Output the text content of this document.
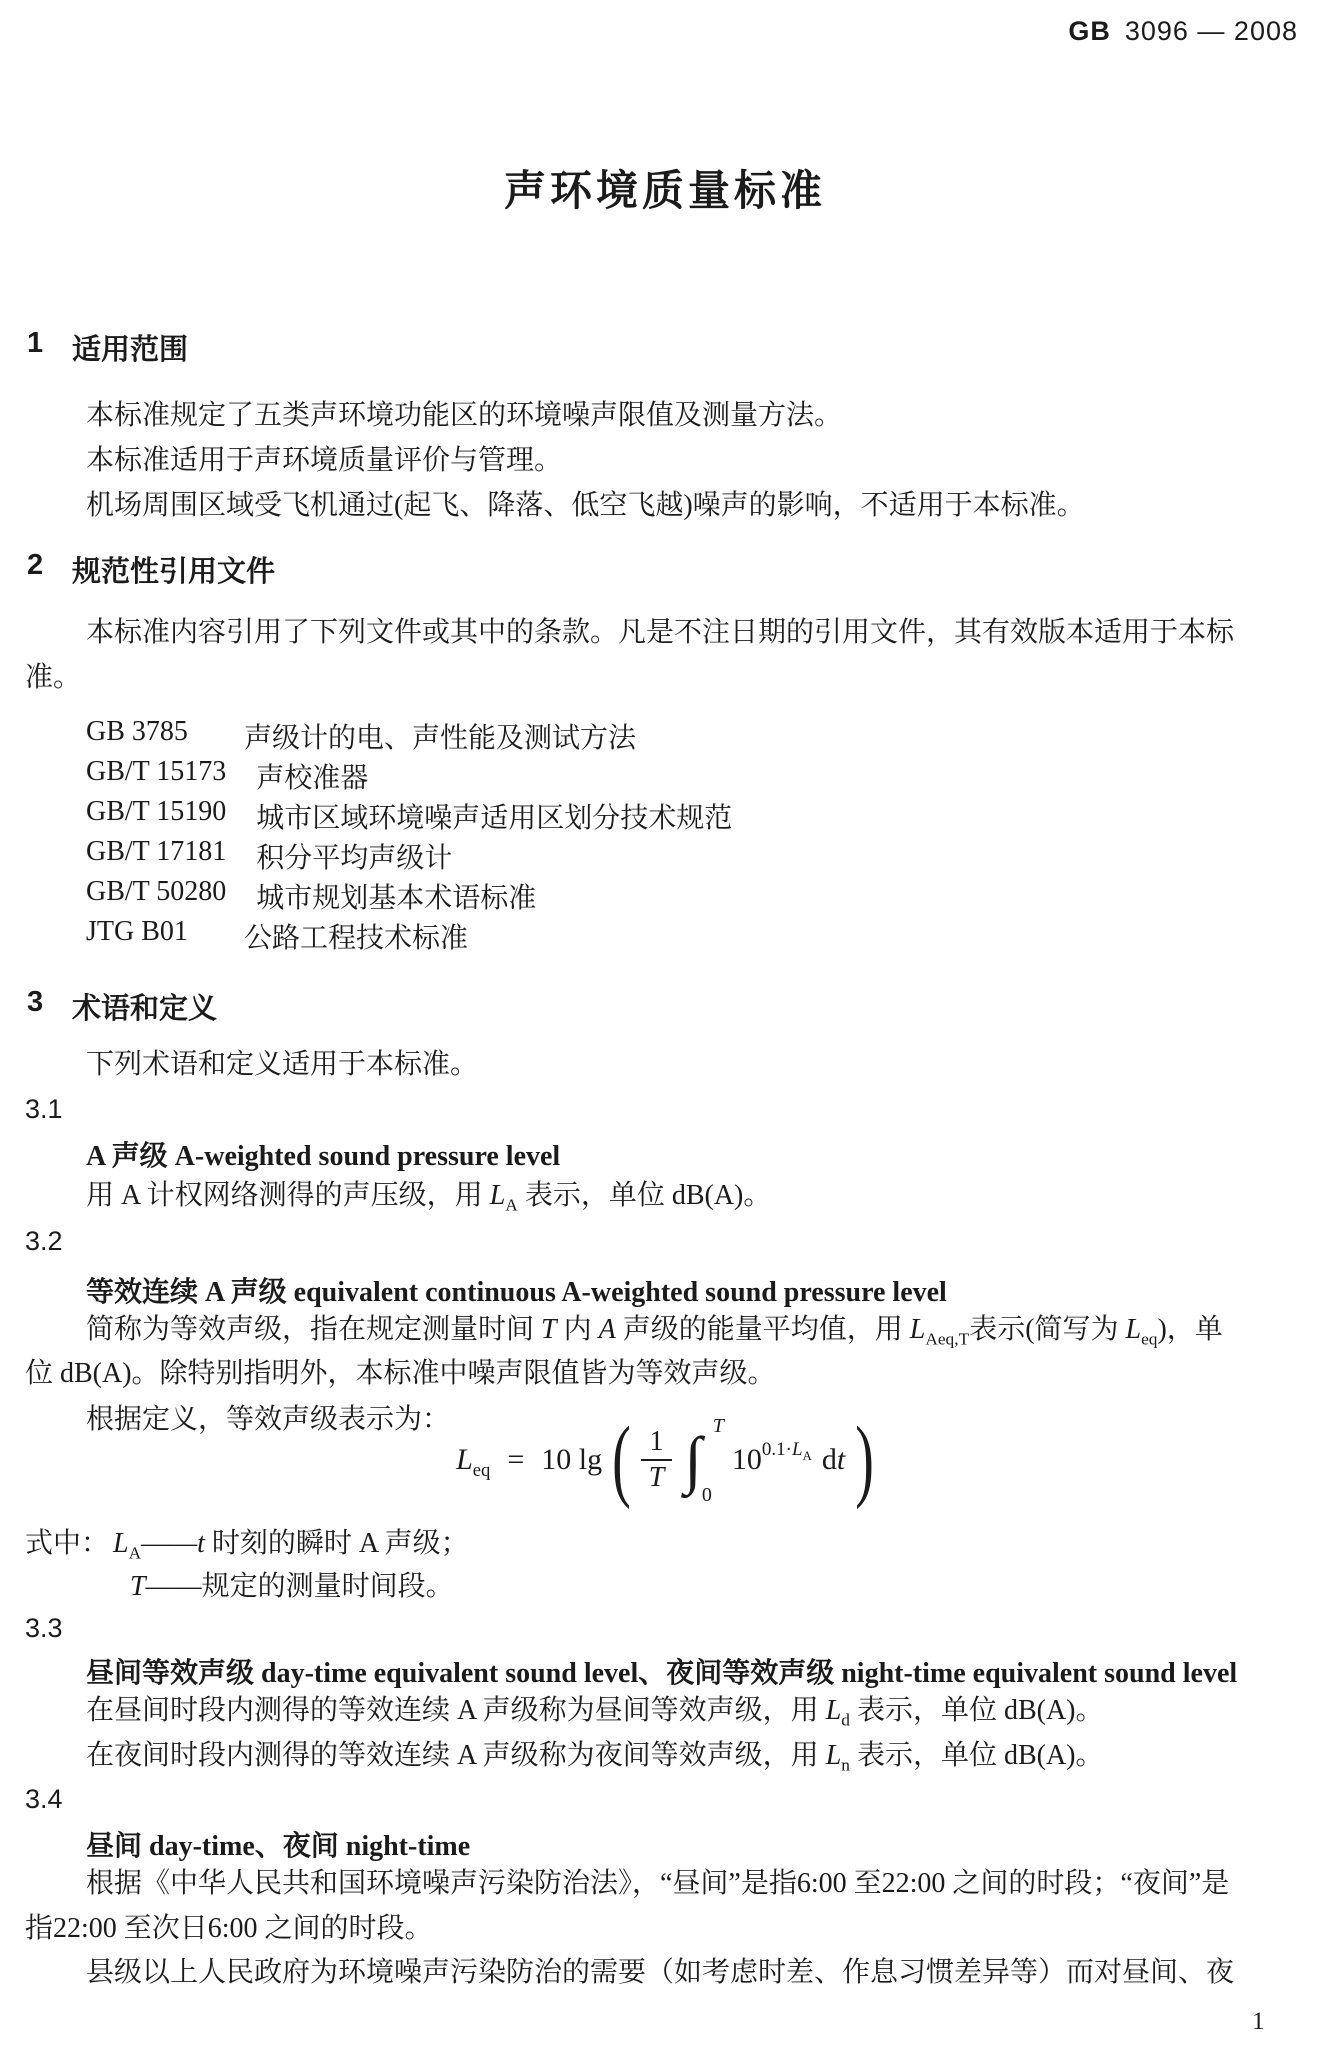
GB 3096 — 2008
声环境质量标准
1 适用范围
本标准规定了五类声环境功能区的环境噪声限值及测量方法。
本标准适用于声环境质量评价与管理。
机场周围区域受飞机通过(起飞、降落、低空飞越)噪声的影响，不适用于本标准。
2 规范性引用文件
本标准内容引用了下列文件或其中的条款。凡是不注日期的引用文件，其有效版本适用于本标
准。
GB 3785	声级计的电、声性能及测试方法
GB/T 15173 声校准器
GB/T 15190 城市区域环境噪声适用区划分技术规范
GB/T 17181 积分平均声级计
GB/T 50280 城市规划基本术语标准
JTG B01	公路工程技术标准
3 术语和定义
下列术语和定义适用于本标准。
3.1
A 声级 A-weighted sound pressure level
用 A 计权网络测得的声压级，用 $L_A$ 表示，单位 dB(A)。
3.2
等效连续 A 声级 equivalent continuous A-weighted sound pressure level
简称为等效声级，指在规定测量时间 T 内 A 声级的能量平均值，用 $L_{Aeq,T}$表示(简写为 $L_{eq}$)，单
位 dB(A)。除特别指明外，本标准中噪声限值皆为等效声级。
根据定义，等效声级表示为：
$L_{eq} = 10$ lg ( $\frac{1}{T}$ ∫ T
0
$10^{0.1\cdot L_A}$ dt )
式中： $L_A——t$ 时刻的瞬时 A 声级；
T——规定的测量时间段。
3.3
昼间等效声级 day-time equivalent sound level、夜间等效声级 night-time equivalent sound level
在昼间时段内测得的等效连续 A 声级称为昼间等效声级，用 $L_d$ 表示，单位 dB(A)。
在夜间时段内测得的等效连续 A 声级称为夜间等效声级，用 $L_n$ 表示，单位 dB(A)。
3.4
昼间 day-time、夜间 night-time
根据《中华人民共和国环境噪声污染防治法》，“昼间”是指6:00 至22:00 之间的时段；“夜间”是
指22:00 至次日6:00 之间的时段。
县级以上人民政府为环境噪声污染防治的需要（如考虑时差、作息习惯差异等）而对昼间、夜
1
